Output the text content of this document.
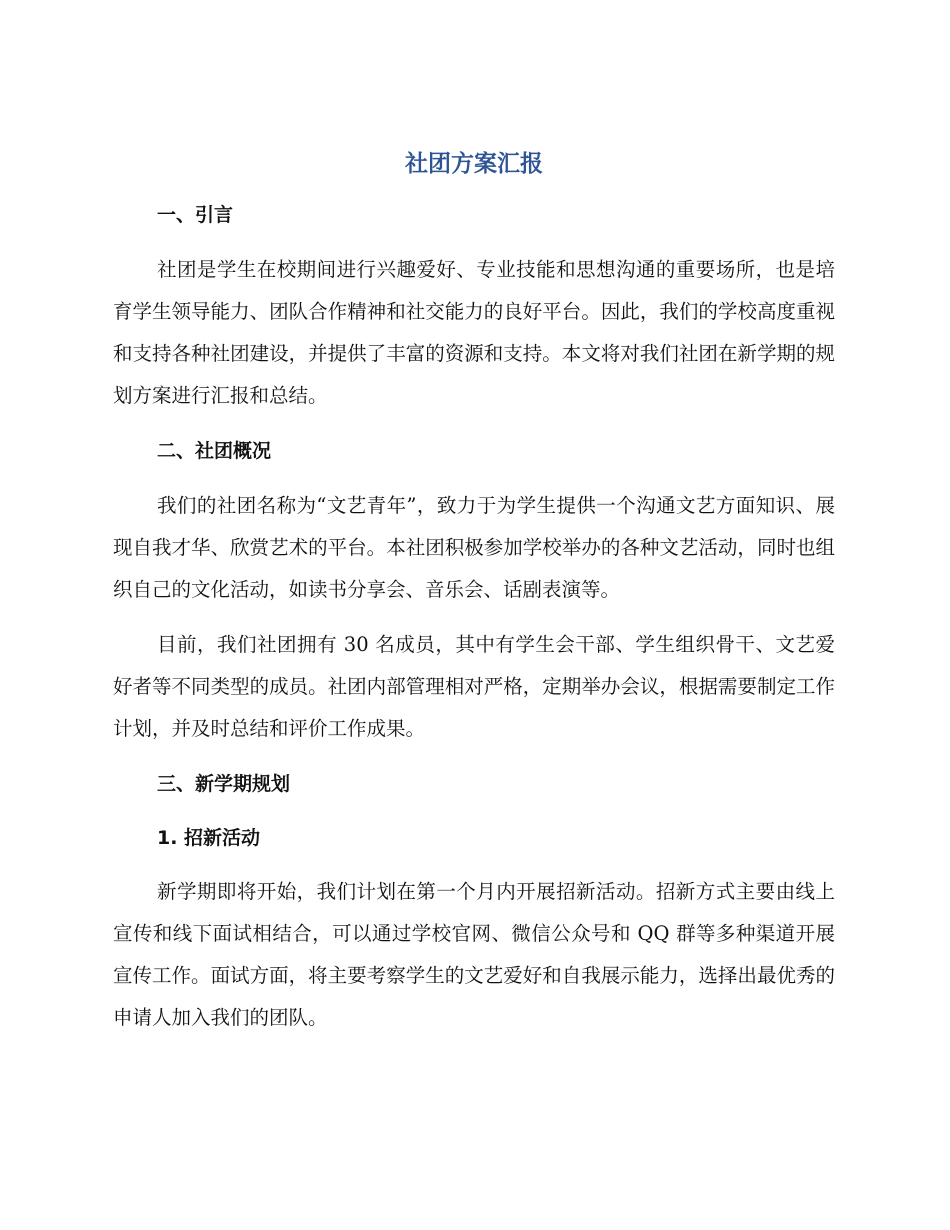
社团方案汇报
一、引言

社团是学生在校期间进行兴趣爱好、专业技能和思想沟通的重要场所，也是培育学生领导能力、团队合作精神和社交能力的良好平台。因此，我们的学校高度重视和支持各种社团建设，并提供了丰富的资源和支持。本文将对我们社团在新学期的规划方案进行汇报和总结。

二、社团概况

我们的社团名称为“文艺青年”，致力于为学生提供一个沟通文艺方面知识、展现自我才华、欣赏艺术的平台。本社团积极参加学校举办的各种文艺活动，同时也组织自己的文化活动，如读书分享会、音乐会、话剧表演等。

目前，我们社团拥有 30 名成员，其中有学生会干部、学生组织骨干、文艺爱好者等不同类型的成员。社团内部管理相对严格，定期举办会议，根据需要制定工作计划，并及时总结和评价工作成果。

三、新学期规划
1. 招新活动

新学期即将开始，我们计划在第一个月内开展招新活动。招新方式主要由线上宣传和线下面试相结合，可以通过学校官网、微信公众号和 QQ 群等多种渠道开展宣传工作。面试方面，将主要考察学生的文艺爱好和自我展示能力，选择出最优秀的申请人加入我们的团队。
